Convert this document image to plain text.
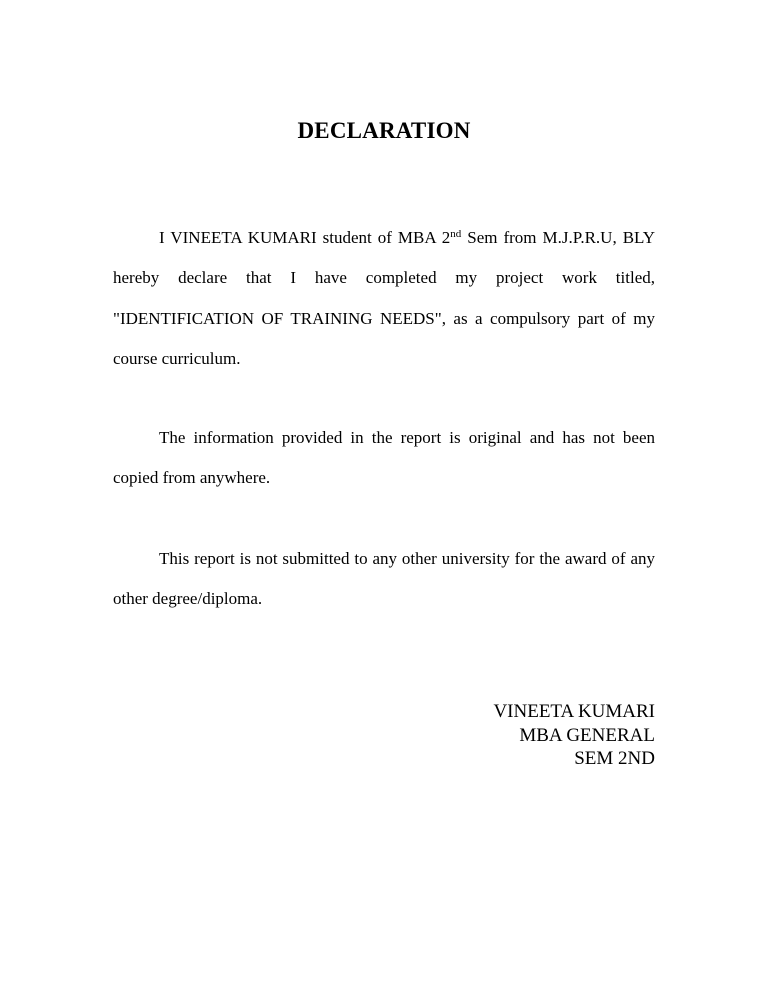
DECLARATION

I VINEETA KUMARI student of MBA 2nd Sem from M.J.P.R.U, BLY hereby declare that I have completed my project work titled, "IDENTIFICATION OF TRAINING NEEDS", as a compulsory part of my course curriculum.

The information provided in the report is original and has not been copied from anywhere.

This report is not submitted to any other university for the award of any other degree/diploma.

VINEETA KUMARI
MBA GENERAL
SEM 2ND
